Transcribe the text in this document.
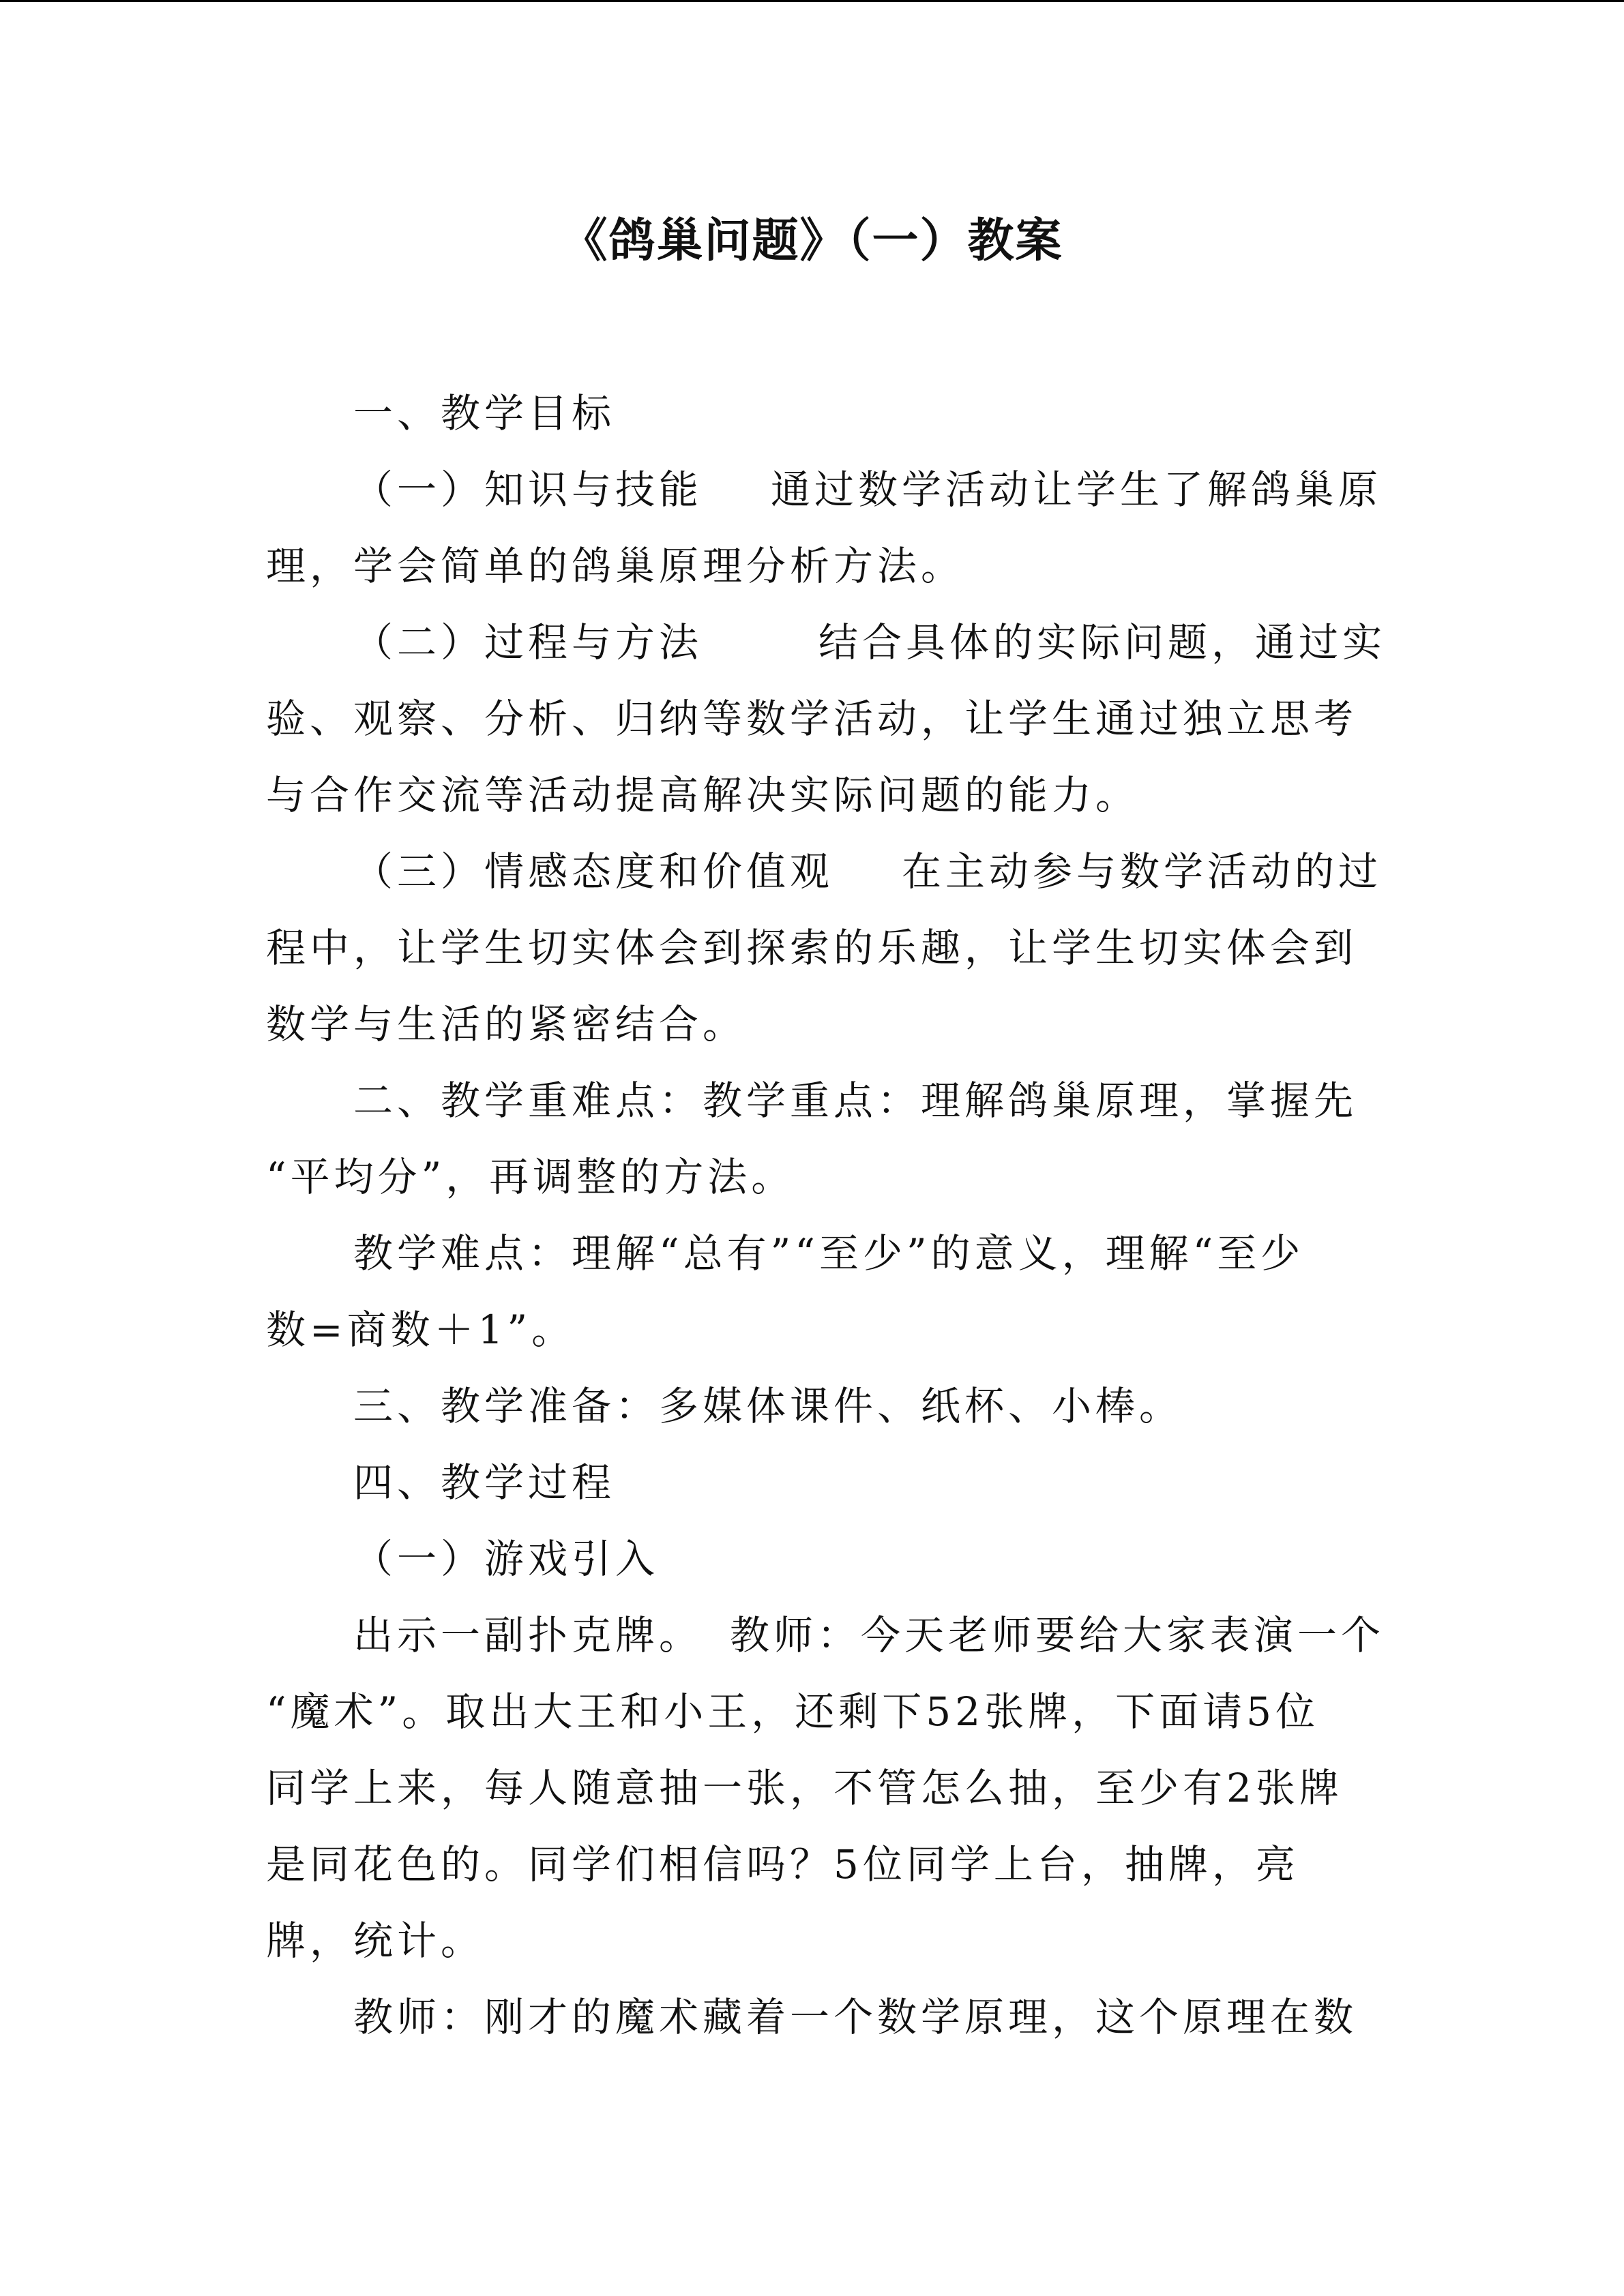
《鸽巢问题》（一）教案
一、教学目标
（一）知识与技能 通过数学活动让学生了解鸽巢原
理，学会简单的鸽巢原理分析方法。
（二）过程与方法	结合具体的实际问题，通过实
验、观察、分析、归纳等数学活动，让学生通过独立思考
与合作交流等活动提高解决实际问题的能力。
（三）情感态度和价值观 在主动参与数学活动的过
程中，让学生切实体会到探索的乐趣，让学生切实体会到
数学与生活的紧密结合。
二、教学重难点：教学重点：理解鸽巢原理，掌握先
“平均分”，再调整的方法。
教学难点：理解“总有”“至少”的意义，理解“至少
数=商数＋1”。
三、教学准备：多媒体课件、纸杯、小棒。
四、教学过程
（一）游戏引入
出示一副扑克牌。 教师：今天老师要给大家表演一个
“魔术”。取出大王和小王，还剩下52张牌，下面请5位
同学上来，每人随意抽一张，不管怎么抽，至少有2张牌
是同花色的。同学们相信吗？5位同学上台，抽牌，亮
牌，统计。
教师：刚才的魔术藏着一个数学原理，这个原理在数
